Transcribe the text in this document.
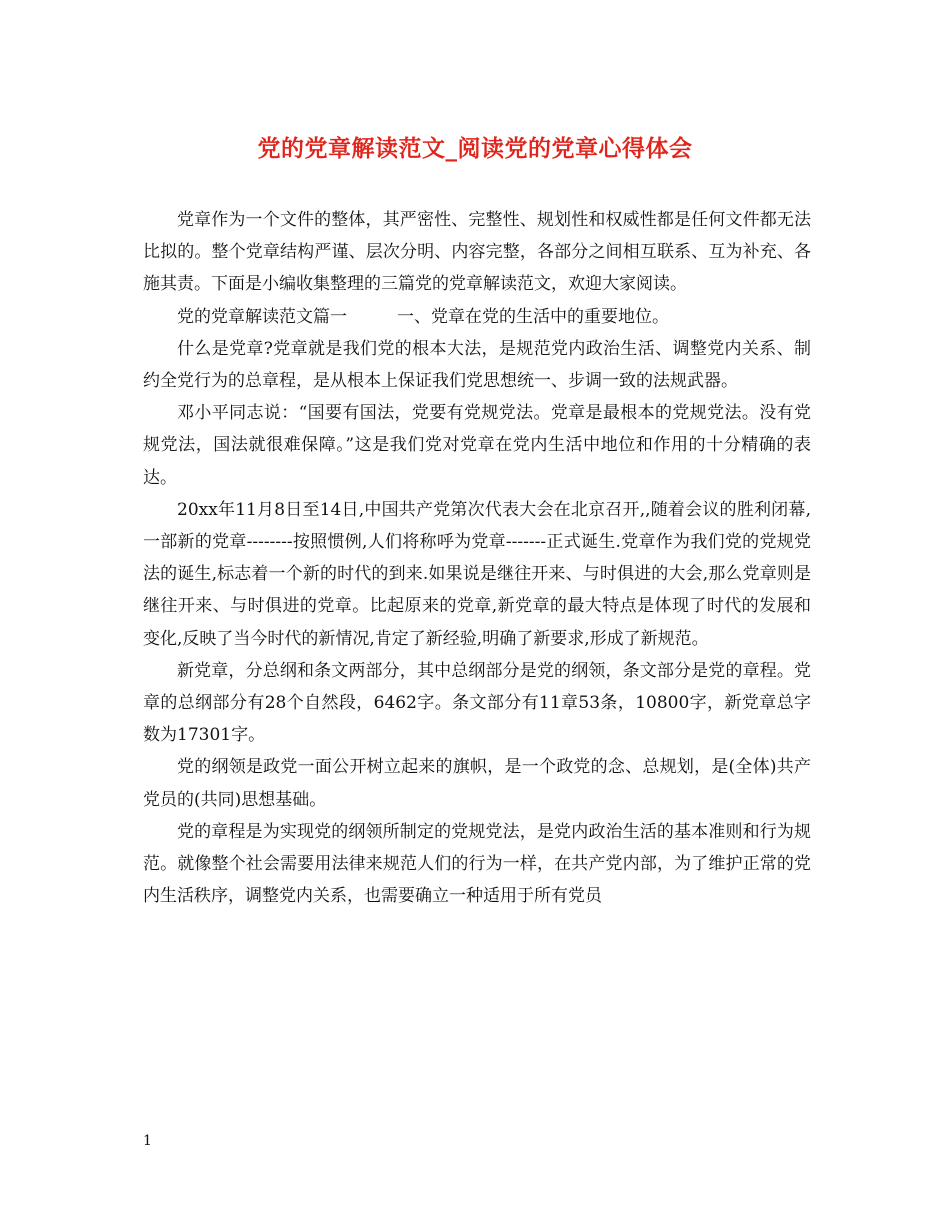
党的党章解读范文_阅读党的党章心得体会

党章作为一个文件的整体，其严密性、完整性、规划性和权威性都是任何文件都无法比拟的。整个党章结构严谨、层次分明、内容完整，各部分之间相互联系、互为补充、各施其责。下面是小编收集整理的三篇党的党章解读范文，欢迎大家阅读。

党的党章解读范文篇一	一、党章在党的生活中的重要地位。

什么是党章?党章就是我们党的根本大法，是规范党内政治生活、调整党内关系、制约全党行为的总章程，是从根本上保证我们党思想统一、步调一致的法规武器。

邓小平同志说：“国要有国法，党要有党规党法。党章是最根本的党规党法。没有党规党法，国法就很难保障。”这是我们党对党章在党内生活中地位和作用的十分精确的表达。

20xx年11月8日至14日,中国共产党第次代表大会在北京召开,,随着会议的胜利闭幕,一部新的党章--------按照惯例,人们将称呼为党章-------正式诞生.党章作为我们党的党规党法的诞生,标志着一个新的时代的到来.如果说是继往开来、与时俱进的大会,那么党章则是继往开来、与时俱进的党章。比起原来的党章,新党章的最大特点是体现了时代的发展和变化,反映了当今时代的新情况,肯定了新经验,明确了新要求,形成了新规范。

新党章，分总纲和条文两部分，其中总纲部分是党的纲领，条文部分是党的章程。党章的总纲部分有28个自然段，6462字。条文部分有11章53条，10800字，新党章总字数为17301字。

党的纲领是政党一面公开树立起来的旗帜，是一个政党的念、总规划，是(全体)共产党员的(共同)思想基础。

党的章程是为实现党的纲领所制定的党规党法，是党内政治生活的基本准则和行为规范。就像整个社会需要用法律来规范人们的行为一样，在共产党内部，为了维护正常的党内生活秩序，调整党内关系，也需要确立一种适用于所有党员

1
